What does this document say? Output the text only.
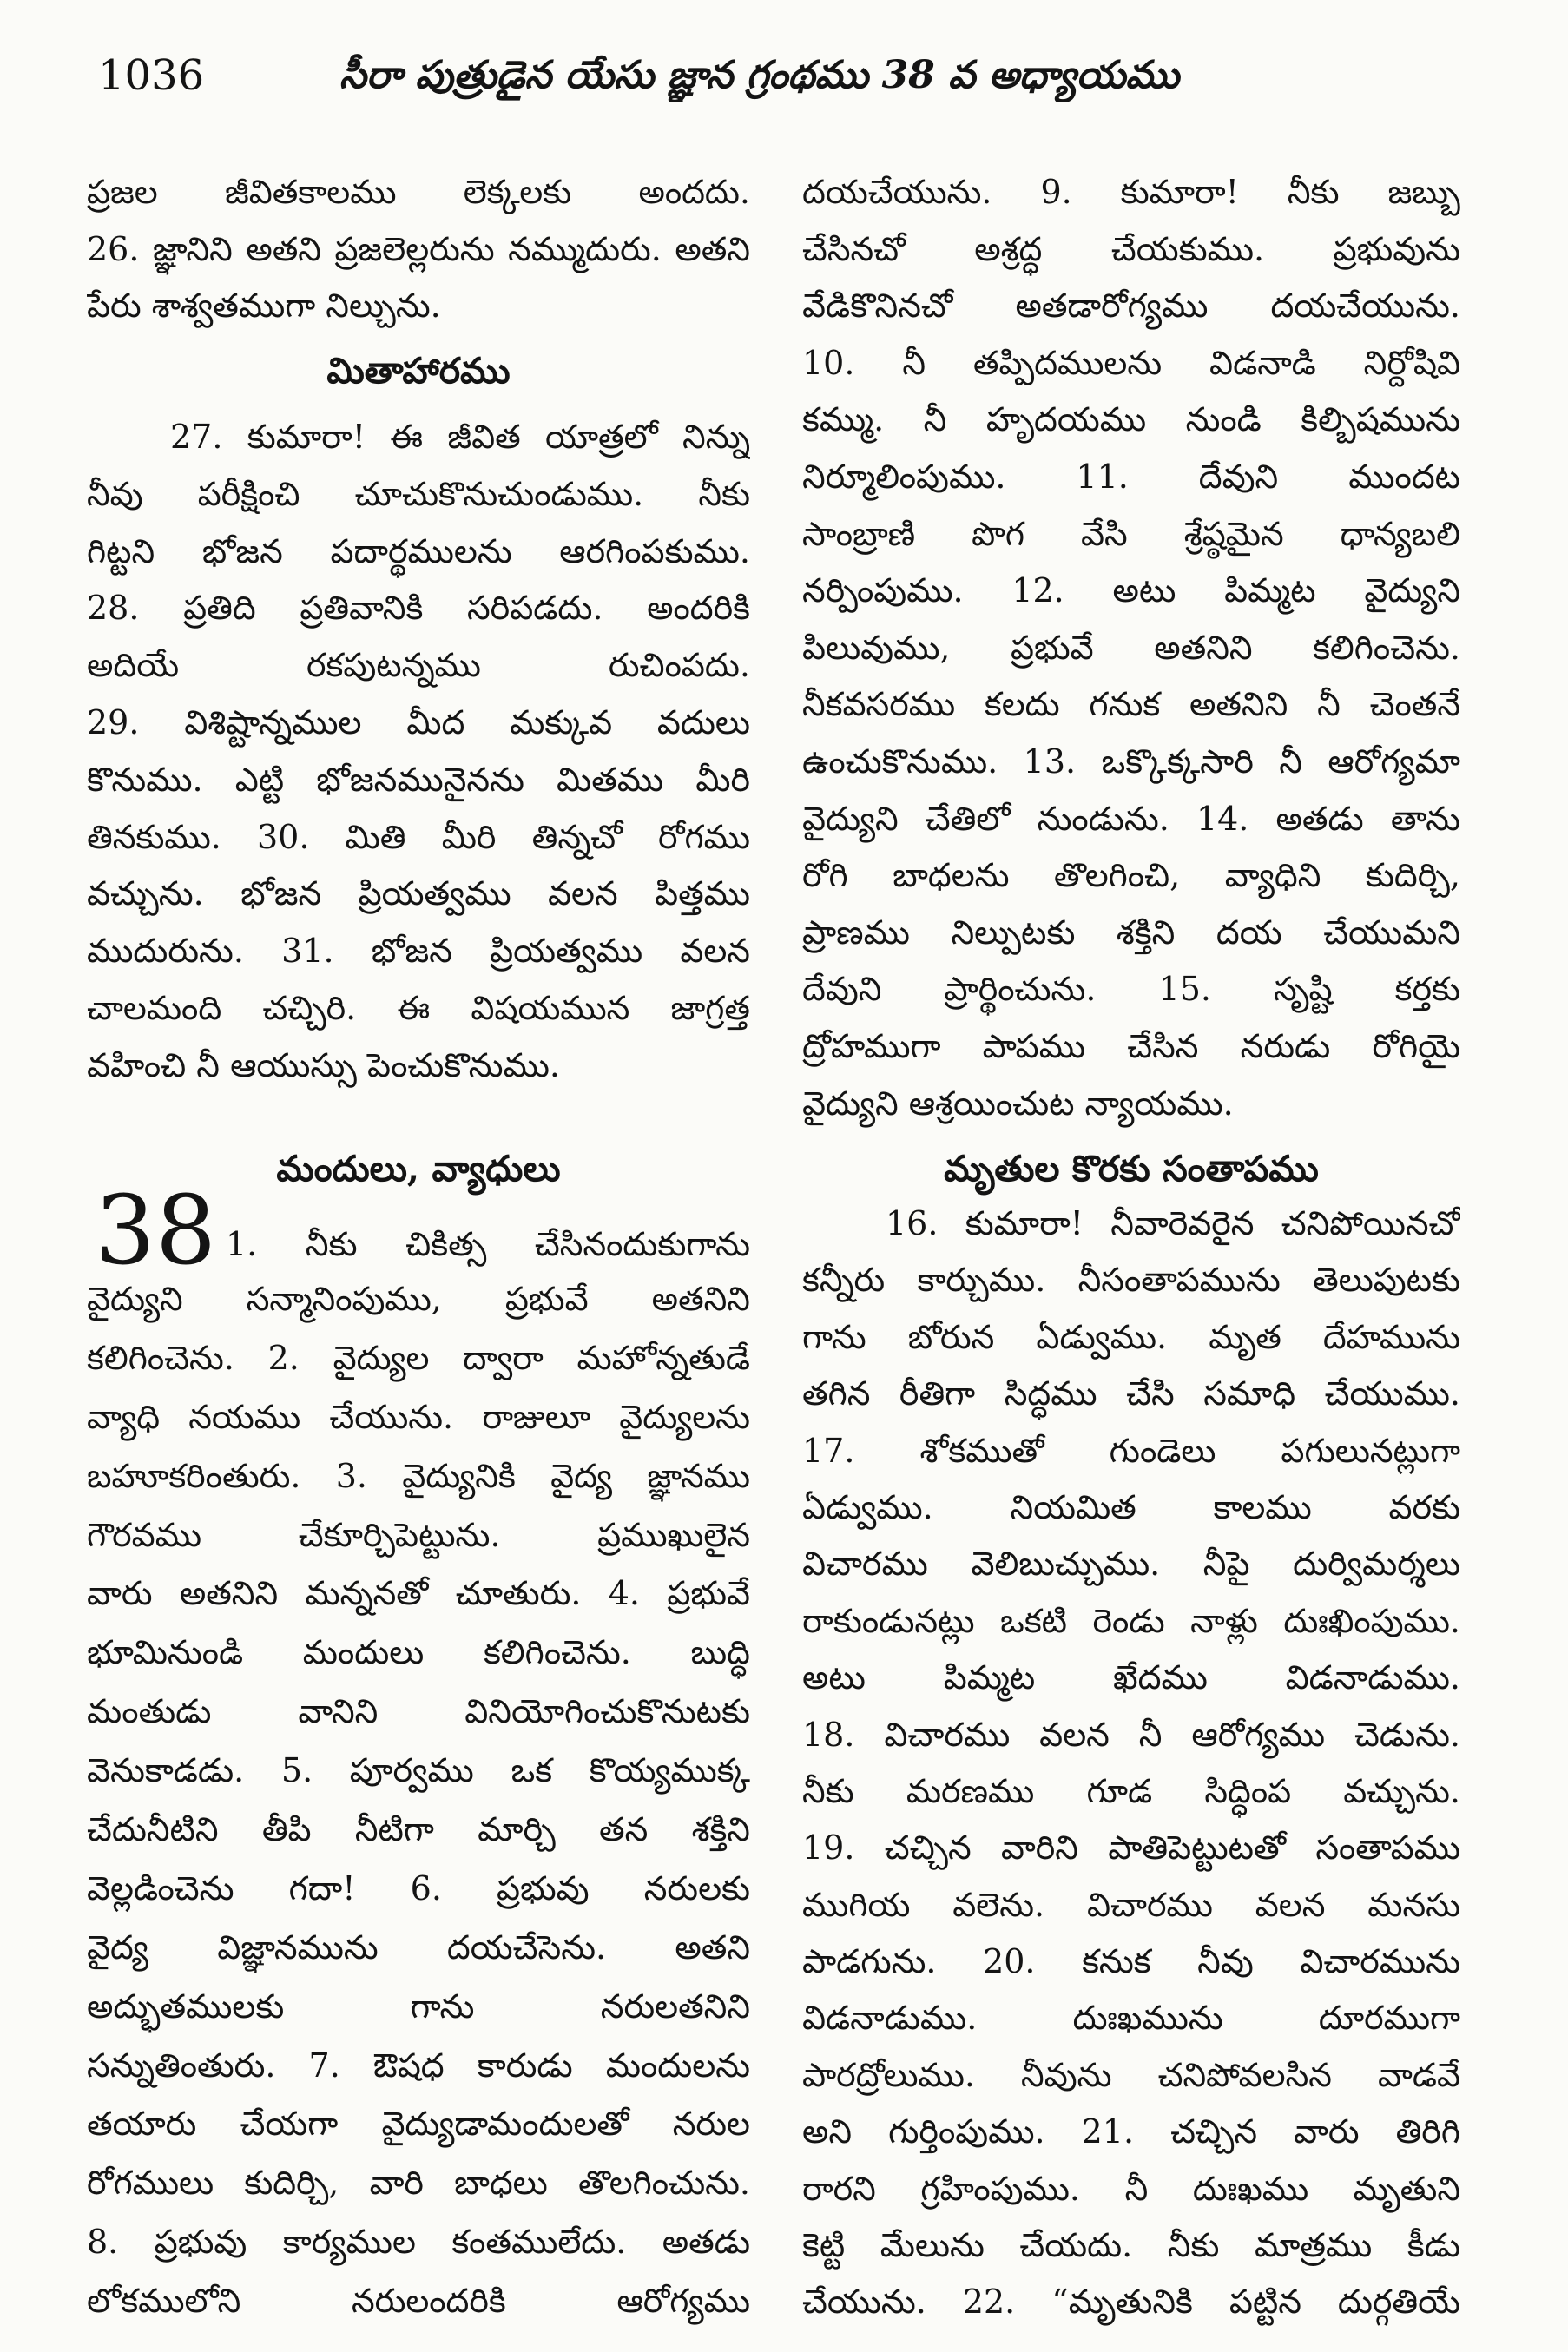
1036	సీరా పుత్రుడైన యేసు జ్ఞాన గ్రంథము 38 వ అధ్యాయము
ప్రజల జీవితకాలము లెక్కలకు అందదు.
26. జ్ఞానిని అతని ప్రజలెల్లరును నమ్ముదురు. అతని
పేరు శాశ్వతముగా నిల్చును.
మితాహారము
27. కుమారా! ఈ జీవిత యాత్రలో నిన్ను
నీవు పరీక్షించి చూచుకొనుచుండుము. నీకు
గిట్టని భోజన పదార్థములను ఆరగింపకుము.
28. ప్రతిది ప్రతివానికి సరిపడదు. అందరికి
అదియే రకపుటన్నము రుచింపదు.
29. విశిష్టాన్నముల మీద మక్కువ వదులు
కొనుము. ఎట్టి భోజనమునైనను మితము మీరి
తినకుము. 30. మితి మీరి తిన్నచో రోగము
వచ్చును. భోజన ప్రియత్వము వలన పిత్తము
ముదురును. 31. భోజన ప్రియత్వము వలన
చాలమంది చచ్చిరి. ఈ విషయమున జాగ్రత్త
వహించి నీ ఆయుస్సు పెంచుకొనుము.
మందులు, వ్యాధులు
38 1. నీకు చికిత్స చేసినందుకుగాను
వైద్యుని సన్మానింపుము, ప్రభువే అతనిని
కలిగించెను. 2. వైద్యుల ద్వారా మహోన్నతుడే
వ్యాధి నయము చేయును. రాజులూ వైద్యులను
బహూకరింతురు. 3. వైద్యునికి వైద్య జ్ఞానము
గౌరవము చేకూర్చిపెట్టును. ప్రముఖులైన
వారు అతనిని మన్ననతో చూతురు. 4. ప్రభువే
భూమినుండి మందులు కలిగించెను. బుద్ధి
మంతుడు వానిని వినియోగించుకొనుటకు
వెనుకాడడు. 5. పూర్వము ఒక కొయ్యముక్క
చేదునీటిని తీపి నీటిగా మార్చి తన శక్తిని
వెల్లడించెను గదా! 6. ప్రభువు నరులకు
వైద్య విజ్ఞానమును దయచేసెను. అతని
అద్భుతములకు గాను నరులతనిని
సన్నుతింతురు. 7. ఔషధ కారుడు మందులను
తయారు చేయగా వైద్యుడామందులతో నరుల
రోగములు కుదిర్చి, వారి బాధలు తొలగించును.
8. ప్రభువు కార్యముల కంతములేదు. అతడు
లోకములోని నరులందరికి ఆరోగ్యము
దయచేయును. 9. కుమారా! నీకు జబ్బు
చేసినచో అశ్రద్ధ చేయకుము. ప్రభువును
వేడికొనినచో అతడారోగ్యము దయచేయును.
10. నీ తప్పిదములను విడనాడి నిర్దోషివి
కమ్ము. నీ హృదయము నుండి కిల్బిషమును
నిర్మూలింపుము. 11. దేవుని ముందట
సాంబ్రాణి పొగ వేసి శ్రేష్ఠమైన ధాన్యబలి
నర్పింపుము. 12. అటు పిమ్మట వైద్యుని
పిలువుము, ప్రభువే అతనిని కలిగించెను.
నీకవసరము కలదు గనుక అతనిని నీ చెంతనే
ఉంచుకొనుము. 13. ఒక్కొక్కసారి నీ ఆరోగ్యమా
వైద్యుని చేతిలో నుండును. 14. అతడు తాను
రోగి బాధలను తొలగించి, వ్యాధిని కుదిర్చి,
ప్రాణము నిల్పుటకు శక్తిని దయ చేయుమని
దేవుని ప్రార్థించును. 15. సృష్టి కర్తకు
ద్రోహముగా పాపము చేసిన నరుడు రోగియై
వైద్యుని ఆశ్రయించుట న్యాయము.
మృతుల కొరకు సంతాపము
16. కుమారా! నీవారెవరైన చనిపోయినచో
కన్నీరు కార్చుము. నీసంతాపమును తెలుపుటకు
గాను బోరున ఏడ్వుము. మృత దేహమును
తగిన రీతిగా సిద్ధము చేసి సమాధి చేయుము.
17. శోకముతో గుండెలు పగులునట్లుగా
ఏడ్వుము. నియమిత కాలము వరకు
విచారము వెలిబుచ్చుము. నీపై దుర్విమర్శలు
రాకుండునట్లు ఒకటి రెండు నాళ్లు దుఃఖింపుము.
అటు పిమ్మట ఖేదము విడనాడుము.
18. విచారము వలన నీ ఆరోగ్యము చెడును.
నీకు మరణము గూడ సిద్ధింప వచ్చును.
19. చచ్చిన వారిని పాతిపెట్టుటతో సంతాపము
ముగియ వలెను. విచారము వలన మనసు
పాడగును. 20. కనుక నీవు విచారమును
విడనాడుము. దుఃఖమును దూరముగా
పారద్రోలుము. నీవును చనిపోవలసిన వాడవే
అని గుర్తింపుము. 21. చచ్చిన వారు తిరిగి
రారని గ్రహింపుము. నీ దుఃఖము మృతుని
కెట్టి మేలును చేయదు. నీకు మాత్రము కీడు
చేయును. 22. “మృతునికి పట్టిన దుర్గతియే
